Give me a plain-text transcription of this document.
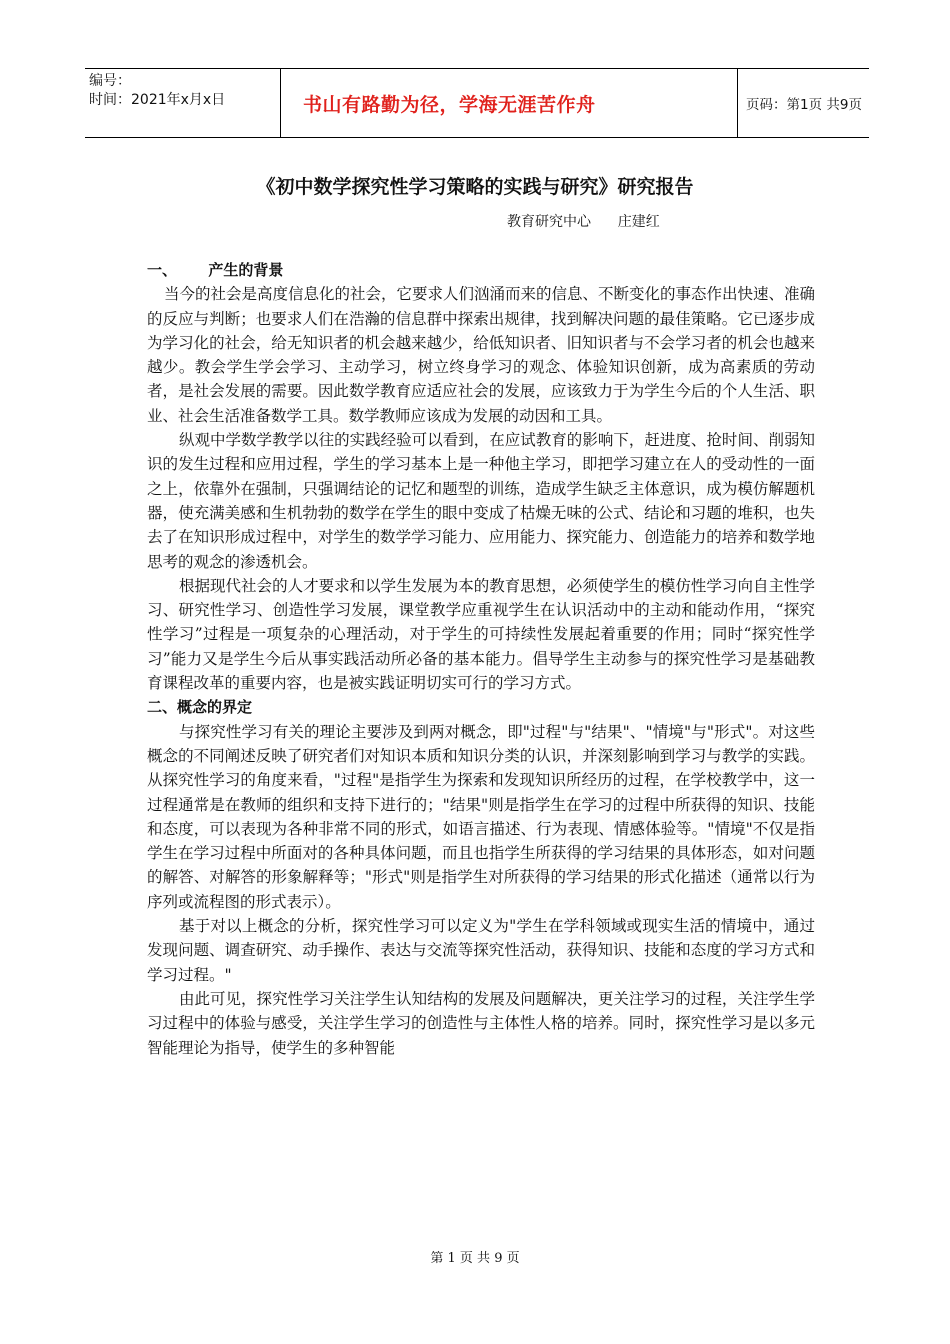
编号：
时间：2021年x月x日	书山有路勤为径，学海无涯苦作舟	页码：第1页 共9页
《初中数学探究性学习策略的实践与研究》研究报告
教育研究中心      庄建红
一、      产生的背景

当今的社会是高度信息化的社会，它要求人们汹涌而来的信息、不断变化的事态作出快速、准确的反应与判断；也要求人们在浩瀚的信息群中探索出规律，找到解决问题的最佳策略。它已逐步成为学习化的社会，给无知识者的机会越来越少，给低知识者、旧知识者与不会学习者的机会也越来越少。教会学生学会学习、主动学习，树立终身学习的观念、体验知识创新，成为高素质的劳动者，是社会发展的需要。因此数学教育应适应社会的发展，应该致力于为学生今后的个人生活、职业、社会生活准备数学工具。数学教师应该成为发展的动因和工具。

纵观中学数学教学以往的实践经验可以看到，在应试教育的影响下，赶进度、抢时间、削弱知识的发生过程和应用过程，学生的学习基本上是一种他主学习，即把学习建立在人的受动性的一面之上，依靠外在强制，只强调结论的记忆和题型的训练，造成学生缺乏主体意识，成为模仿解题机器，使充满美感和生机勃勃的数学在学生的眼中变成了枯燥无味的公式、结论和习题的堆积，也失去了在知识形成过程中，对学生的数学学习能力、应用能力、探究能力、创造能力的培养和数学地思考的观念的渗透机会。

根据现代社会的人才要求和以学生发展为本的教育思想，必须使学生的模仿性学习向自主性学习、研究性学习、创造性学习发展，课堂教学应重视学生在认识活动中的主动和能动作用，“探究性学习”过程是一项复杂的心理活动，对于学生的可持续性发展起着重要的作用；同时“探究性学习”能力又是学生今后从事实践活动所必备的基本能力。倡导学生主动参与的探究性学习是基础教育课程改革的重要内容，也是被实践证明切实可行的学习方式。

二、概念的界定

与探究性学习有关的理论主要涉及到两对概念，即"过程"与"结果"、"情境"与"形式"。对这些概念的不同阐述反映了研究者们对知识本质和知识分类的认识，并深刻影响到学习与教学的实践。从探究性学习的角度来看，"过程"是指学生为探索和发现知识所经历的过程，在学校教学中，这一过程通常是在教师的组织和支持下进行的；"结果"则是指学生在学习的过程中所获得的知识、技能和态度，可以表现为各种非常不同的形式，如语言描述、行为表现、情感体验等。"情境"不仅是指学生在学习过程中所面对的各种具体问题，而且也指学生所获得的学习结果的具体形态，如对问题的解答、对解答的形象解释等；"形式"则是指学生对所获得的学习结果的形式化描述（通常以行为序列或流程图的形式表示）。

基于对以上概念的分析，探究性学习可以定义为"学生在学科领域或现实生活的情境中，通过发现问题、调查研究、动手操作、表达与交流等探究性活动，获得知识、技能和态度的学习方式和学习过程。"

由此可见，探究性学习关注学生认知结构的发展及问题解决，更关注学习的过程，关注学生学习过程中的体验与感受，关注学生学习的创造性与主体性人格的培养。同时，探究性学习是以多元智能理论为指导，使学生的多种智能

第 1 页 共 9 页
